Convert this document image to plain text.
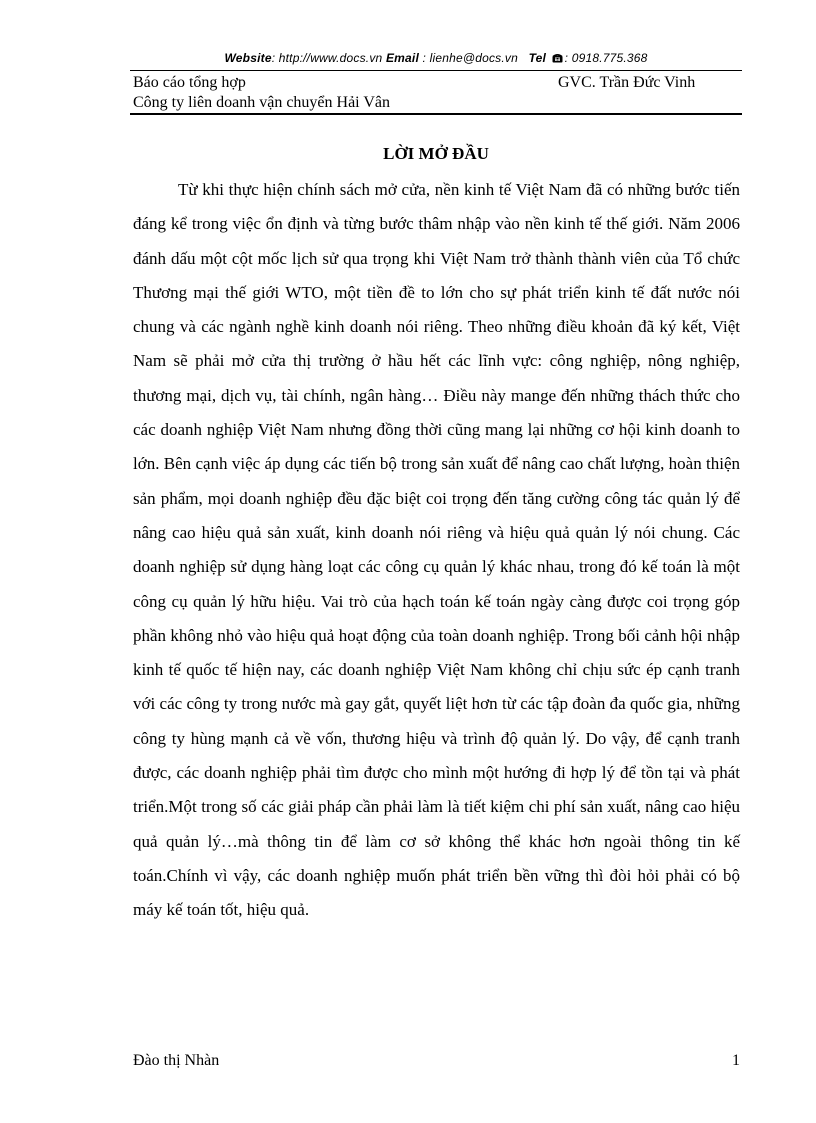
Website: http://www.docs.vn Email : lienhe@docs.vn Tel : 0918.775.368
Báo cáo tổng hợp	GVC. Trần Đức Vinh
Công ty liên doanh vận chuyển Hải Vân
LỜI MỞ ĐẦU

Từ khi thực hiện chính sách mở cửa, nền kinh tế Việt Nam đã có những bước tiến đáng kể trong việc ổn định và từng bước thâm nhập vào nền kinh tế thế giới. Năm 2006 đánh dấu một cột mốc lịch sử qua trọng khi Việt Nam trở thành thành viên của Tổ chức Thương mại thế giới WTO, một tiền đề to lớn cho sự phát triển kinh tế đất nước nói chung và các ngành nghề kinh doanh nói riêng. Theo những điều khoản đã ký kết, Việt Nam sẽ phải mở cửa thị trường ở hầu hết các lĩnh vực: công nghiệp, nông nghiệp, thương mại, dịch vụ, tài chính, ngân hàng… Điều này mange đến những thách thức cho các doanh nghiệp Việt Nam nhưng đồng thời cũng mang lại những cơ hội kinh doanh to lớn. Bên cạnh việc áp dụng các tiến bộ trong sản xuất để nâng cao chất lượng, hoàn thiện sản phẩm, mọi doanh nghiệp đều đặc biệt coi trọng đến tăng cường công tác quản lý để nâng cao hiệu quả sản xuất, kinh doanh nói riêng và hiệu quả quản lý nói chung. Các doanh nghiệp sử dụng hàng loạt các công cụ quản lý khác nhau, trong đó kế toán là một công cụ quản lý hữu hiệu. Vai trò của hạch toán kế toán ngày càng được coi trọng góp phần không nhỏ vào hiệu quả hoạt động của toàn doanh nghiệp. Trong bối cảnh hội nhập kinh tế quốc tế hiện nay, các doanh nghiệp Việt Nam không chỉ chịu sức ép cạnh tranh với các công ty trong nước mà gay gắt, quyết liệt hơn từ các tập đoàn đa quốc gia, những công ty hùng mạnh cả về vốn, thương hiệu và trình độ quản lý. Do vậy, để cạnh tranh được, các doanh nghiệp phải tìm được cho mình một hướng đi hợp lý để tồn tại và phát triển.Một trong số các giải pháp cần phải làm là tiết kiệm chi phí sản xuất, nâng cao hiệu quả quản lý…mà thông tin để làm cơ sở không thể khác hơn ngoài thông tin kế toán.Chính vì vậy, các doanh nghiệp muốn phát triển bền vững thì đòi hỏi phải có bộ máy kế toán tốt, hiệu quả.

Đào thị Nhàn	1
